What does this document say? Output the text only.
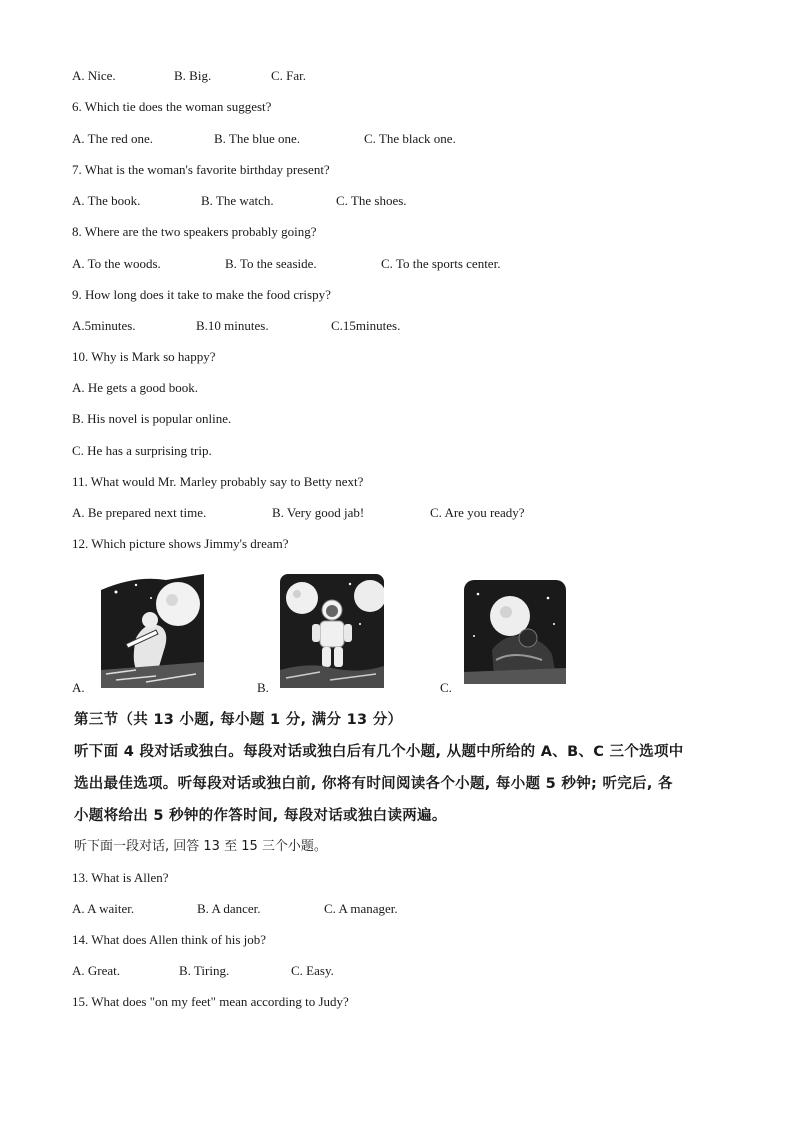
A. Nice.	B. Big.	C. Far.
6. Which tie does the woman suggest?
A. The red one.	B. The blue one.	C. The black one.
7. What is the woman's favorite birthday present?
A. The book.	B. The watch.	C. The shoes.
8. Where are the two speakers probably going?
A. To the woods.	B. To the seaside.	C. To the sports center.
9. How long does it take to make the food crispy?
A.5minutes.	B.10 minutes.	C.15minutes.
10. Why is Mark so happy?
A. He gets a good book.
B. His novel is popular online.
C. He has a surprising trip.
11. What would Mr. Marley probably say to Betty next?
A. Be prepared next time.	B. Very good jab!	C. Are you ready?
12. Which picture shows Jimmy's dream?
A.	B.	C.
第三节（共 13 小题, 每小题 1 分, 满分 13 分）
听下面 4 段对话或独白。每段对话或独白后有几个小题, 从题中所给的 A、B、C 三个选项中
选出最佳选项。听每段对话或独白前, 你将有时间阅读各个小题, 每小题 5 秒钟; 听完后, 各
小题将给出 5 秒钟的作答时间, 每段对话或独白读两遍。
听下面一段对话, 回答 13 至 15 三个小题。
13. What is Allen?
A. A waiter.	B. A dancer.	C. A manager.
14. What does Allen think of his job?
A. Great.	B. Tiring.	C. Easy.
15. What does "on my feet" mean according to Judy?
